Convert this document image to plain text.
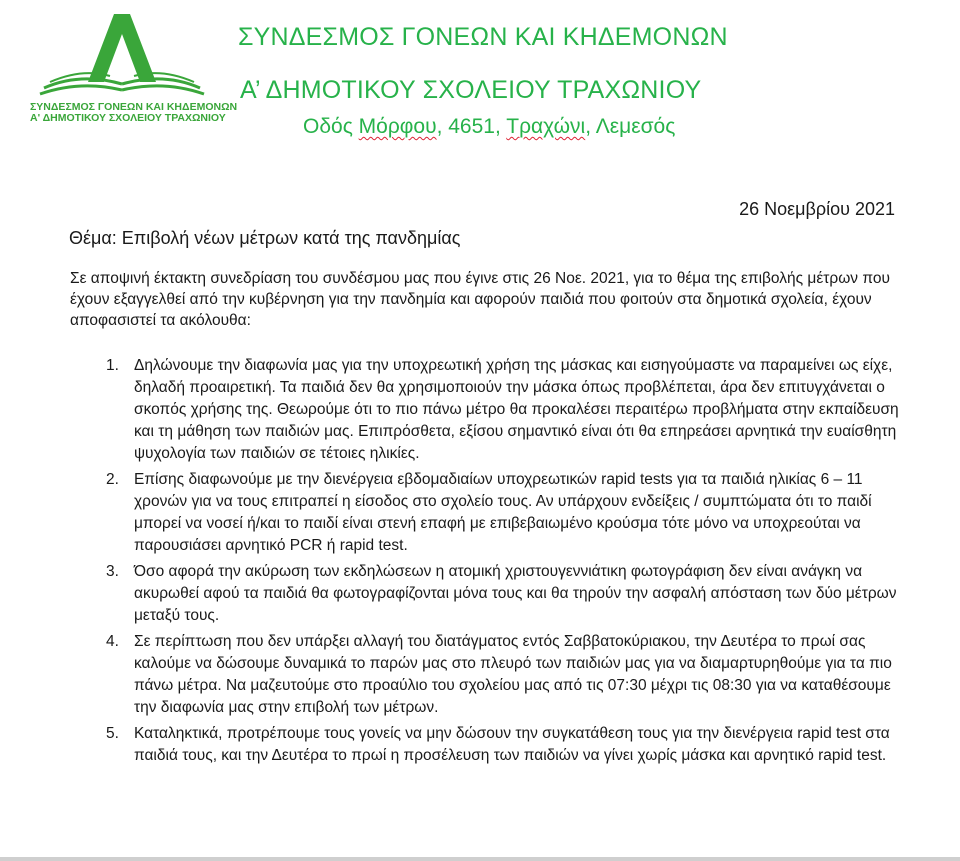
ΣΥΝΔΕΣΜΟΣ ΓΟΝΕΩΝ ΚΑΙ ΚΗΔΕΜΟΝΩΝ
Α' ΔΗΜΟΤΙΚΟΥ ΣΧΟΛΕΙΟΥ ΤΡΑΧΩΝΙΟΥ
ΣΥΝΔΕΣΜΟΣ ΓΟΝΕΩΝ ΚΑΙ ΚΗΔΕΜΟΝΩΝ
Α’ ΔΗΜΟΤΙΚΟΥ ΣΧΟΛΕΙΟΥ ΤΡΑΧΩΝΙΟΥ
Οδός Μόρφου, 4651, Τραχώνι, Λεμεσός
26 Νοεμβρίου 2021
Θέμα: Επιβολή νέων μέτρων κατά της πανδημίας
Σε αποψινή έκτακτη συνεδρίαση του συνδέσμου μας που έγινε στις 26 Νοε. 2021, για το θέμα της επιβολής μέτρων που έχουν εξαγγελθεί από την κυβέρνηση για την πανδημία και αφορούν παιδιά που φοιτούν στα δημοτικά σχολεία, έχουν αποφασιστεί τα ακόλουθα:
1. Δηλώνουμε την διαφωνία μας για την υποχρεωτική χρήση της μάσκας και εισηγούμαστε να παραμείνει ως είχε, δηλαδή προαιρετική. Τα παιδιά δεν θα χρησιμοποιούν την μάσκα όπως προβλέπεται, άρα δεν επιτυγχάνεται ο σκοπός χρήσης της. Θεωρούμε ότι το πιο πάνω μέτρο θα προκαλέσει περαιτέρω προβλήματα στην εκπαίδευση και τη μάθηση των παιδιών μας. Επιπρόσθετα, εξίσου σημαντικό είναι ότι θα επηρεάσει αρνητικά την ευαίσθητη ψυχολογία των παιδιών σε τέτοιες ηλικίες.
2. Επίσης διαφωνούμε με την διενέργεια εβδομαδιαίων υποχρεωτικών rapid tests για τα παιδιά ηλικίας 6 – 11 χρονών για να τους επιτραπεί η είσοδος στο σχολείο τους. Αν υπάρχουν ενδείξεις / συμπτώματα ότι το παιδί μπορεί να νοσεί ή/και το παιδί είναι στενή επαφή με επιβεβαιωμένο κρούσμα τότε μόνο να υποχρεούται να παρουσιάσει αρνητικό PCR ή rapid test.
3. Όσο αφορά την ακύρωση των εκδηλώσεων η ατομική χριστουγεννιάτικη φωτογράφιση δεν είναι ανάγκη να ακυρωθεί αφού τα παιδιά θα φωτογραφίζονται μόνα τους και θα τηρούν την ασφαλή απόσταση των δύο μέτρων μεταξύ τους.
4. Σε περίπτωση που δεν υπάρξει αλλαγή του διατάγματος εντός Σαββατοκύριακου, την Δευτέρα το πρωί σας καλούμε να δώσουμε δυναμικά το παρών μας στο πλευρό των παιδιών μας για να διαμαρτυρηθούμε για τα πιο πάνω μέτρα. Να μαζευτούμε στο προαύλιο του σχολείου μας από τις 07:30 μέχρι τις 08:30 για να καταθέσουμε την διαφωνία μας στην επιβολή των μέτρων.
5. Καταληκτικά, προτρέπουμε τους γονείς να μην δώσουν την συγκατάθεση τους για την διενέργεια rapid test στα παιδιά τους, και την Δευτέρα το πρωί η προσέλευση των παιδιών να γίνει χωρίς μάσκα και αρνητικό rapid test.
